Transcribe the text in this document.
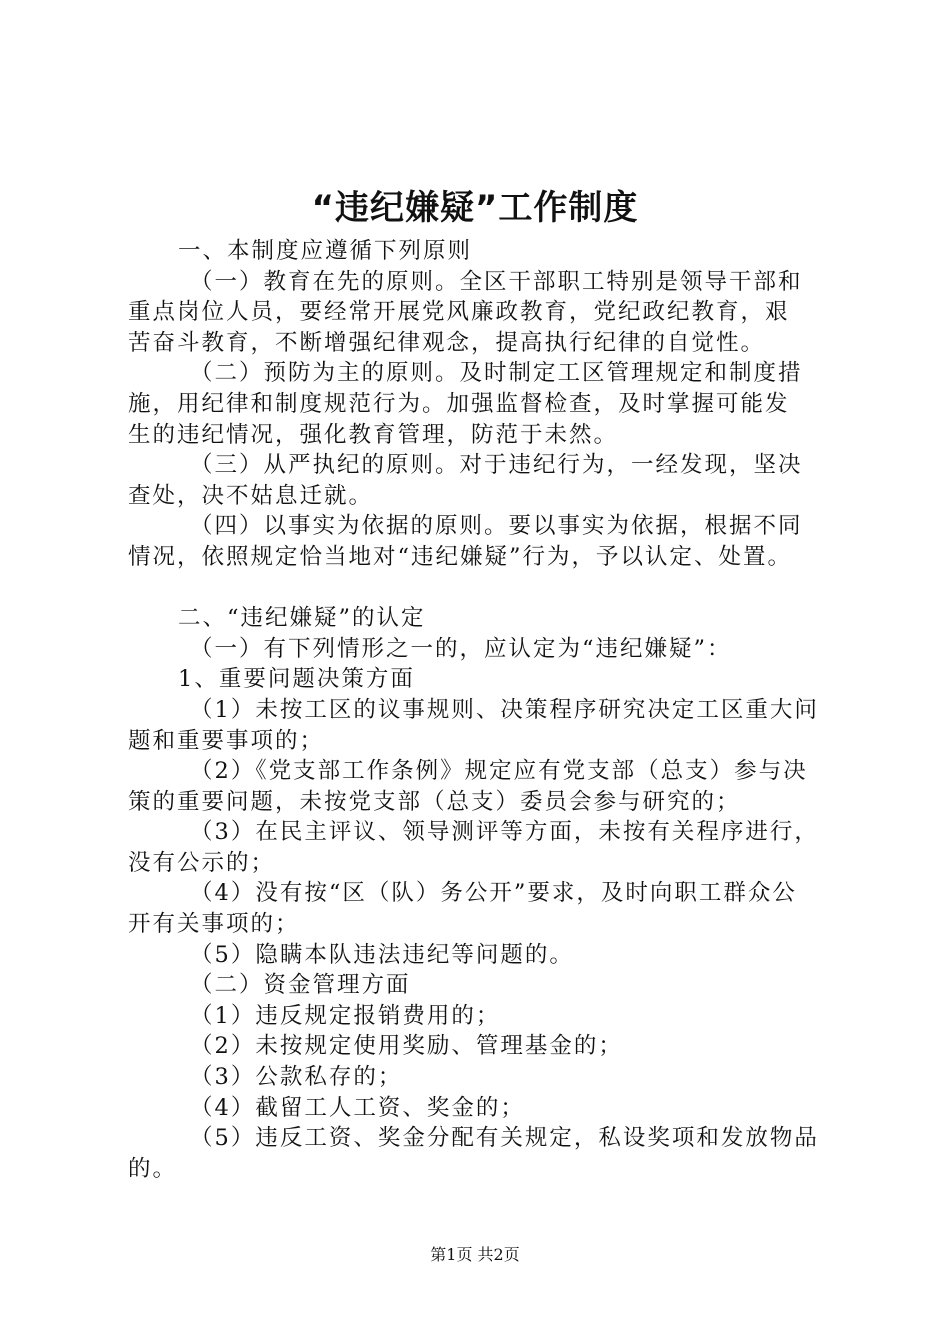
“违纪嫌疑”工作制度
一、本制度应遵循下列原则
（一）教育在先的原则。全区干部职工特别是领导干部和
重点岗位人员，要经常开展党风廉政教育，党纪政纪教育，艰
苦奋斗教育，不断增强纪律观念，提高执行纪律的自觉性。
（二）预防为主的原则。及时制定工区管理规定和制度措
施，用纪律和制度规范行为。加强监督检查，及时掌握可能发
生的违纪情况，强化教育管理，防范于未然。
（三）从严执纪的原则。对于违纪行为，一经发现，坚决
查处，决不姑息迁就。
（四）以事实为依据的原则。要以事实为依据，根据不同
情况，依照规定恰当地对“违纪嫌疑”行为，予以认定、处置。
二、“违纪嫌疑”的认定
（一）有下列情形之一的，应认定为“违纪嫌疑”：
1、重要问题决策方面
（1）未按工区的议事规则、决策程序研究决定工区重大问
题和重要事项的；
（2）《党支部工作条例》规定应有党支部（总支）参与决
策的重要问题，未按党支部（总支）委员会参与研究的；
（3）在民主评议、领导测评等方面，未按有关程序进行，
没有公示的；
（4）没有按“区（队）务公开”要求，及时向职工群众公
开有关事项的；
（5）隐瞒本队违法违纪等问题的。
（二）资金管理方面
（1）违反规定报销费用的；
（2）未按规定使用奖励、管理基金的；
（3）公款私存的；
（4）截留工人工资、奖金的；
（5）违反工资、奖金分配有关规定，私设奖项和发放物品
的。
第1页 共2页
